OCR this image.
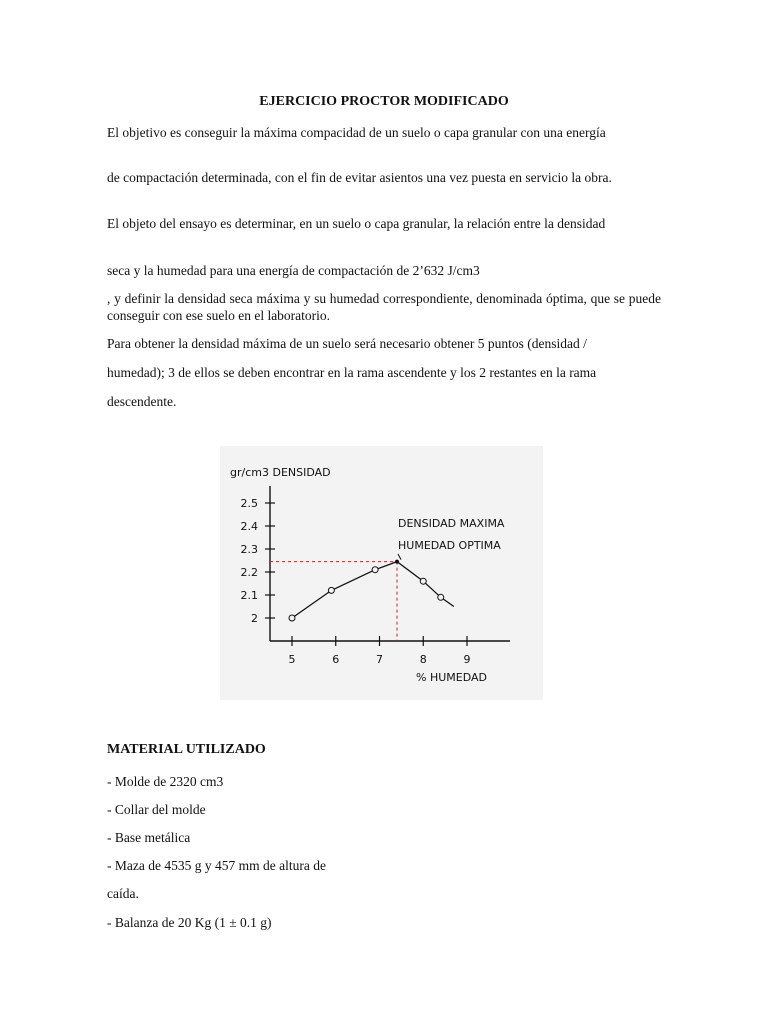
EJERCICIO PROCTOR MODIFICADO
El objetivo es conseguir la máxima compacidad de un suelo o capa granular con una energía
de compactación determinada, con el fin de evitar asientos una vez puesta en servicio la obra.
El objeto del ensayo es determinar, en un suelo o capa granular, la relación entre la densidad
seca y la humedad para una energía de compactación de 2’632 J/cm3
, y definir la densidad seca máxima y su humedad correspondiente, denominada óptima, que se puede conseguir con ese suelo en el laboratorio.
Para obtener la densidad máxima de un suelo será necesario obtener 5 puntos (densidad /
humedad); 3 de ellos se deben encontrar en la rama ascendente y los 2 restantes en la rama
descendente.
gr/cm3 DENSIDAD
% HUMEDAD
DENSIDAD MAXIMA
HUMEDAD OPTIMA
5	6	7	8	9
2
2.1
2.2
2.3
2.4
2.5
MATERIAL UTILIZADO
- Molde de 2320 cm3
- Collar del molde
- Base metálica
- Maza de 4535 g y 457 mm de altura de
caída.
- Balanza de 20 Kg (1 ± 0.1 g)
